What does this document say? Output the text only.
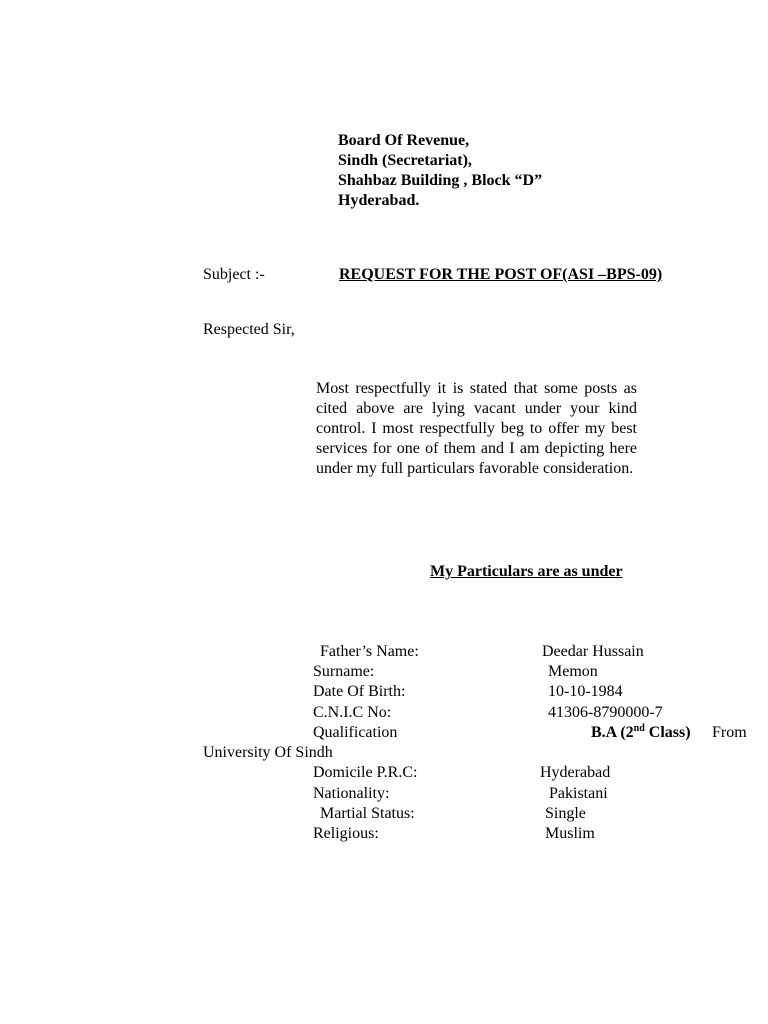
Board Of Revenue,
Sindh (Secretariat),
Shahbaz Building , Block “D”
Hyderabad.
Subject :-	REQUEST FOR THE POST OF(ASI –BPS-09)
Respected Sir,
Most respectfully it is stated that some posts as cited above are lying vacant under your kind control. I most respectfully beg to offer my best services for one of them and I am depicting here under my full particulars favorable consideration.
My Particulars are as under
Father’s Name:	Deedar Hussain
Surname:	Memon
Date Of Birth:	10-10-1984
C.N.I.C No:	41306-8790000-7
Qualification	B.A (2nd Class) From
University Of Sindh
Domicile P.R.C:	Hyderabad
Nationality:	Pakistani
Martial Status:	Single
Religious:	Muslim
